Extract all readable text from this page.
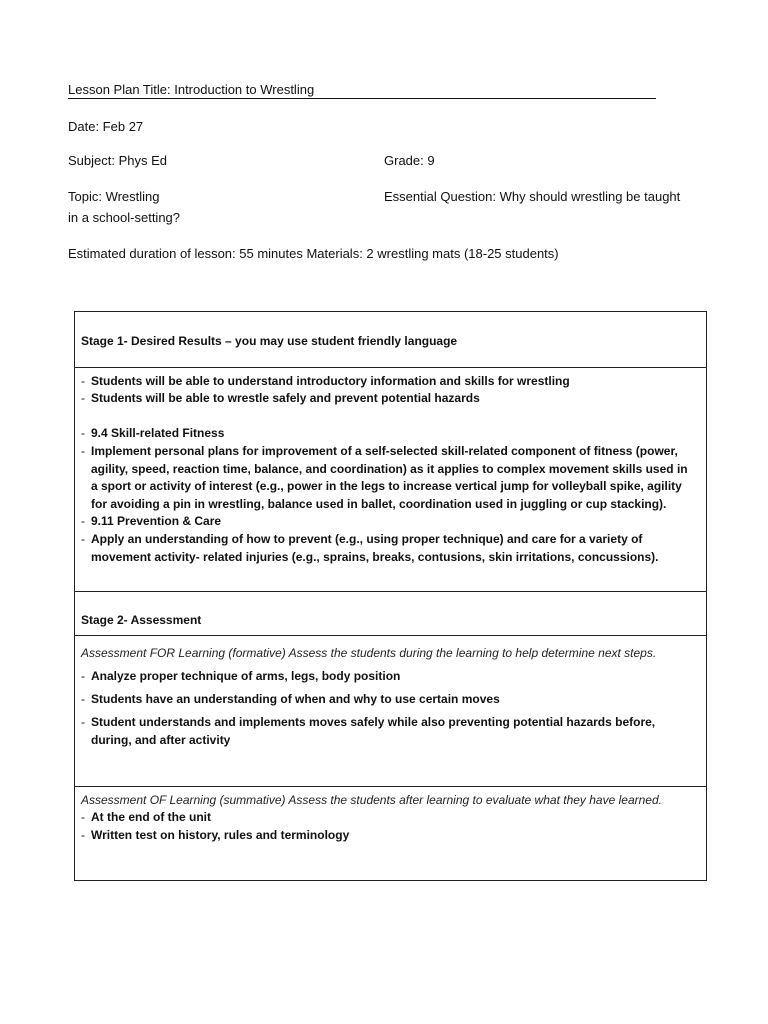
Lesson Plan Title: Introduction to Wrestling
Date: Feb 27
Subject: Phys Ed	Grade: 9
Topic: Wrestling	Essential Question: Why should wrestling be taught
in a school-setting?
Estimated duration of lesson: 55 minutes Materials: 2 wrestling mats (18-25 students)
Stage 1- Desired Results – you may use student friendly language
- Students will be able to understand introductory information and skills for wrestling
- Students will be able to wrestle safely and prevent potential hazards
- 9.4 Skill-related Fitness
- Implement personal plans for improvement of a self-selected skill-related component of fitness (power, agility, speed, reaction time, balance, and coordination) as it applies to complex movement skills used in a sport or activity of interest (e.g., power in the legs to increase vertical jump for volleyball spike, agility for avoiding a pin in wrestling, balance used in ballet, coordination used in juggling or cup stacking).
- 9.11 Prevention & Care
- Apply an understanding of how to prevent (e.g., using proper technique) and care for a variety of movement activity- related injuries (e.g., sprains, breaks, contusions, skin irritations, concussions).
Stage 2- Assessment
Assessment FOR Learning (formative) Assess the students during the learning to help determine next steps.
- Analyze proper technique of arms, legs, body position
- Students have an understanding of when and why to use certain moves
- Student understands and implements moves safely while also preventing potential hazards before, during, and after activity
Assessment OF Learning (summative) Assess the students after learning to evaluate what they have learned.
- At the end of the unit
- Written test on history, rules and terminology
